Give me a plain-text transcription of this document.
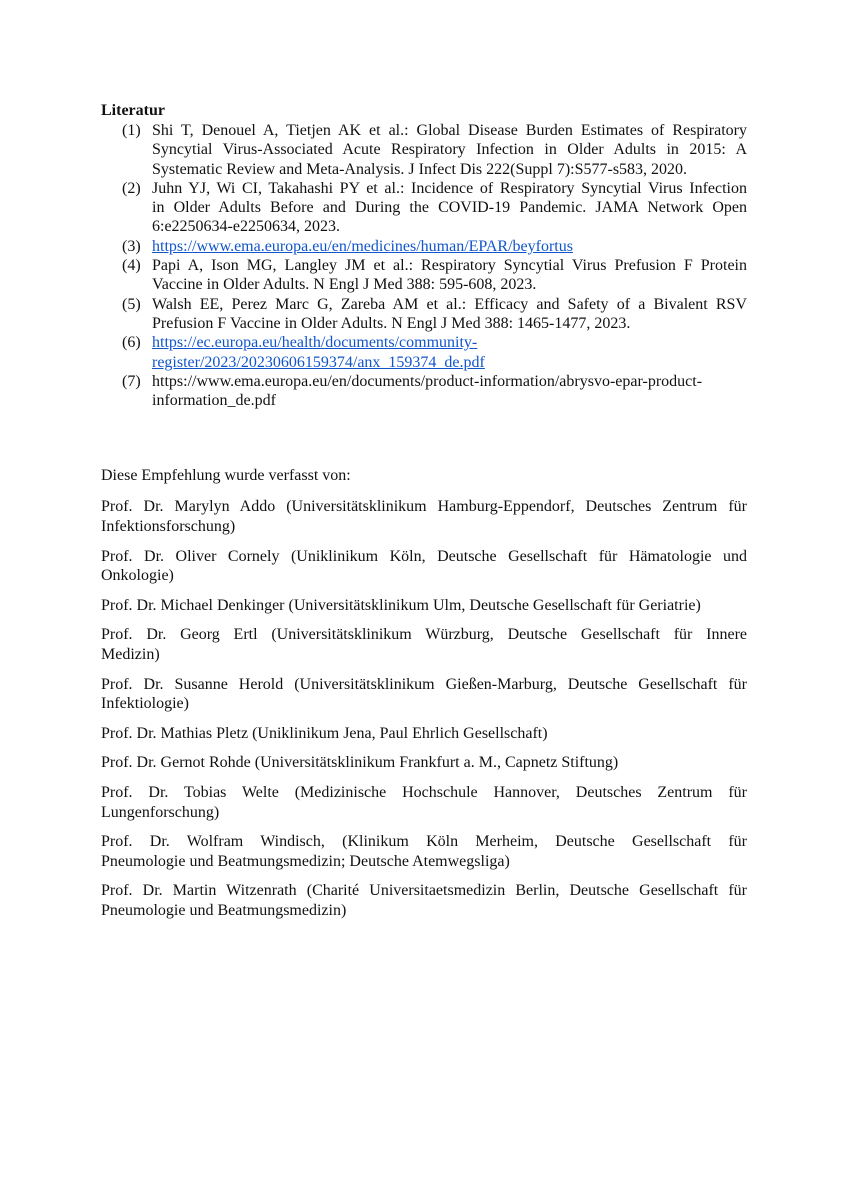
Literatur
(1) Shi T, Denouel A, Tietjen AK et al.: Global Disease Burden Estimates of Respiratory
Syncytial Virus-Associated Acute Respiratory Infection in Older Adults in 2015: A
Systematic Review and Meta-Analysis. J Infect Dis 222(Suppl 7):S577-s583, 2020.
(2) Juhn YJ, Wi CI, Takahashi PY et al.: Incidence of Respiratory Syncytial Virus Infection
in Older Adults Before and During the COVID-19 Pandemic. JAMA Network Open
6:e2250634-e2250634, 2023.
(3) https://www.ema.europa.eu/en/medicines/human/EPAR/beyfortus
(4) Papi A, Ison MG, Langley JM et al.: Respiratory Syncytial Virus Prefusion F Protein
Vaccine in Older Adults. N Engl J Med 388: 595-608, 2023.
(5) Walsh EE, Perez Marc G, Zareba AM et al.: Efficacy and Safety of a Bivalent RSV
Prefusion F Vaccine in Older Adults. N Engl J Med 388: 1465-1477, 2023.
(6) https://ec.europa.eu/health/documents/community-
register/2023/20230606159374/anx_159374_de.pdf
(7) https://www.ema.europa.eu/en/documents/product-information/abrysvo-epar-product-
information_de.pdf

Diese Empfehlung wurde verfasst von:

Prof. Dr. Marylyn Addo (Universitätsklinikum Hamburg-Eppendorf, Deutsches Zentrum für
Infektionsforschung)

Prof. Dr. Oliver Cornely (Uniklinikum Köln, Deutsche Gesellschaft für Hämatologie und
Onkologie)

Prof. Dr. Michael Denkinger (Universitätsklinikum Ulm, Deutsche Gesellschaft für Geriatrie)

Prof. Dr. Georg Ertl (Universitätsklinikum Würzburg, Deutsche Gesellschaft für Innere
Medizin)

Prof. Dr. Susanne Herold (Universitätsklinikum Gießen-Marburg, Deutsche Gesellschaft für
Infektiologie)

Prof. Dr. Mathias Pletz (Uniklinikum Jena, Paul Ehrlich Gesellschaft)

Prof. Dr. Gernot Rohde (Universitätsklinikum Frankfurt a. M., Capnetz Stiftung)

Prof. Dr. Tobias Welte (Medizinische Hochschule Hannover, Deutsches Zentrum für
Lungenforschung)

Prof. Dr. Wolfram Windisch, (Klinikum Köln Merheim, Deutsche Gesellschaft für
Pneumologie und Beatmungsmedizin; Deutsche Atemwegsliga)

Prof. Dr. Martin Witzenrath (Charité Universitaetsmedizin Berlin, Deutsche Gesellschaft für
Pneumologie und Beatmungsmedizin)
